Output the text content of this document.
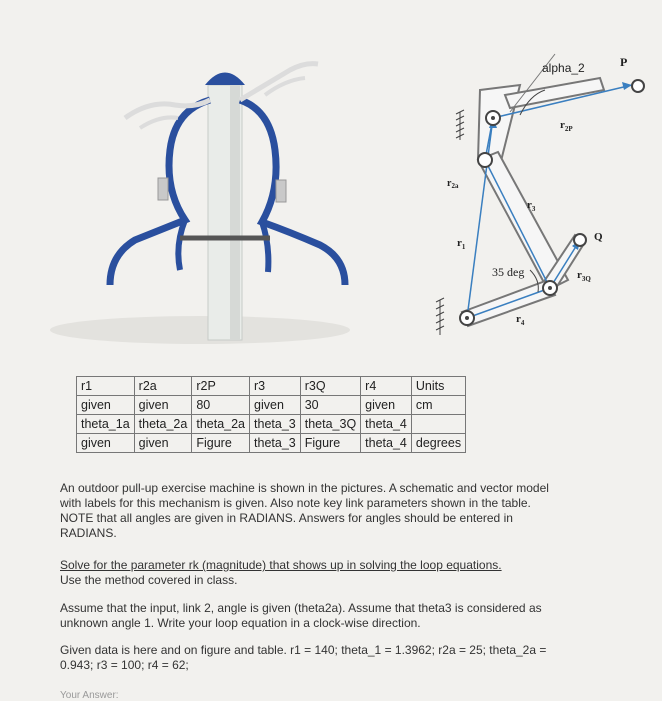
alpha_2	P
$r_{2P}$
$r_{2a}$
$r_3$
$r_1$
Q
$r_{3Q}$
35 deg
$r_4$
r1	r2a	r2P	r3	r3Q	r4	Units
given	given	80	given	30	given	cm
theta_1a	theta_2a	theta_2a	theta_3	theta_3Q	theta_4	
given	given	Figure	theta_3	Figure	theta_4	degrees
An outdoor pull-up exercise machine is shown in the pictures. A schematic and vector model with labels for this mechanism is given. Also note key link parameters shown in the table. NOTE that all angles are given in RADIANS. Answers for angles should be entered in RADIANS.
Solve for the parameter rk (magnitude) that shows up in solving the loop equations.
Use the method covered in class.
Assume that the input, link 2, angle is given (theta2a). Assume that theta3 is considered as unknown angle 1. Write your loop equation in a clock-wise direction.
Given data is here and on figure and table. r1 = 140; theta_1 = 1.3962; r2a = 25; theta_2a = 0.943; r3 = 100; r4 = 62;
Your Answer:
